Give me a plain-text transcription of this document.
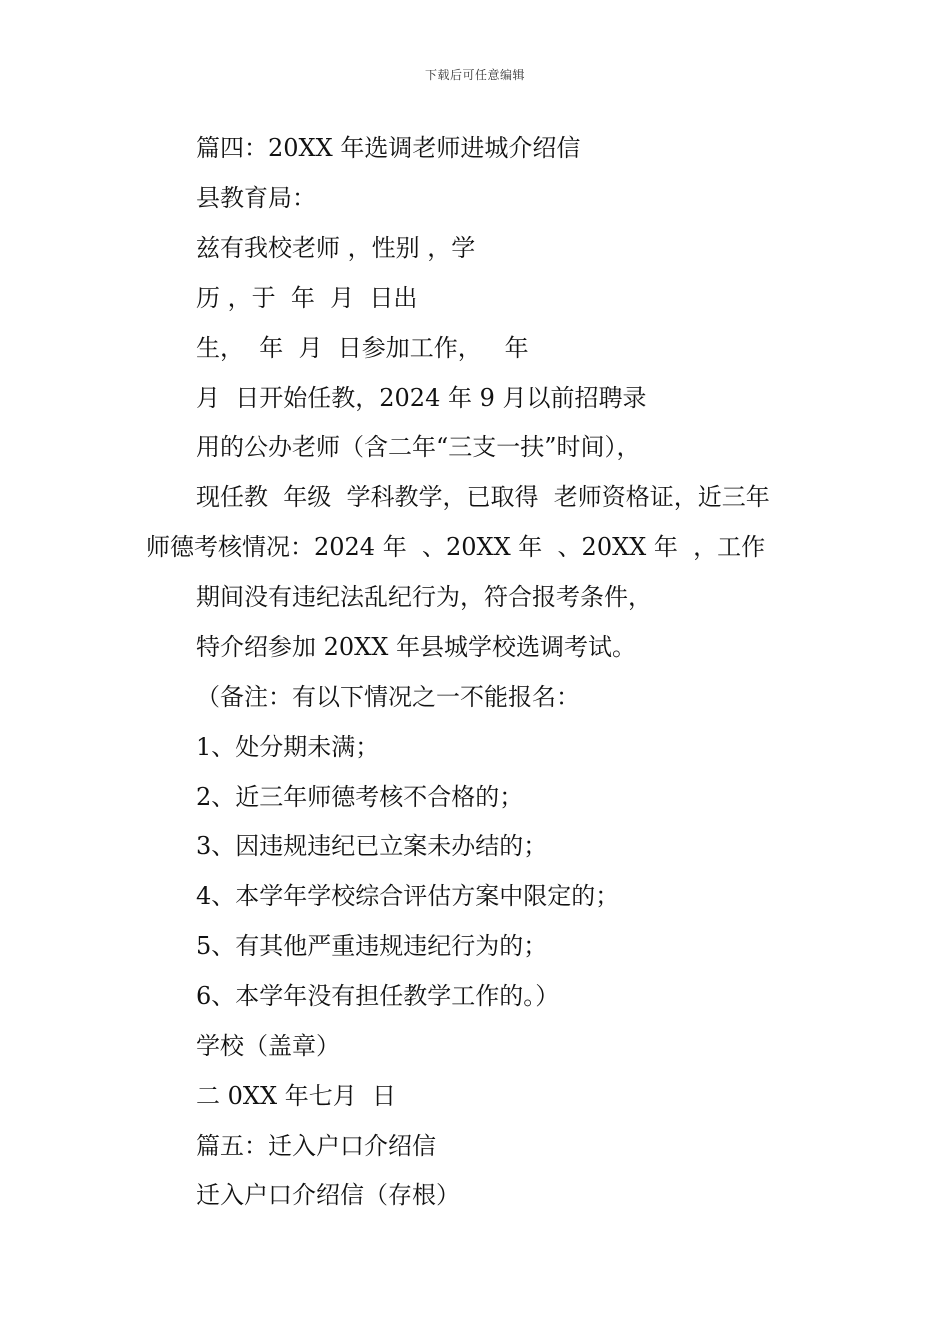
下载后可任意编辑
篇四：20XX 年选调老师进城介绍信
县教育局：
兹有我校老师 ，性别 ，学
历 ，于  年  月  日出
生，  年  月  日参加工作，   年
月  日开始任教，2024 年 9 月以前招聘录
用的公办老师（含二年“三支一扶”时间），
现任教  年级  学科教学，已取得  老师资格证，近三年
师德考核情况：2024 年  、20XX 年  、20XX 年  ，工作
期间没有违纪法乱纪行为，符合报考条件，
特介绍参加 20XX 年县城学校选调考试。
（备注：有以下情况之一不能报名：
1、处分期未满；
2、近三年师德考核不合格的；
3、因违规违纪已立案未办结的；
4、本学年学校综合评估方案中限定的；
5、有其他严重违规违纪行为的；
6、本学年没有担任教学工作的。）
学校（盖章）
二 0XX 年七月  日
篇五：迁入户口介绍信
迁入户口介绍信（存根）
